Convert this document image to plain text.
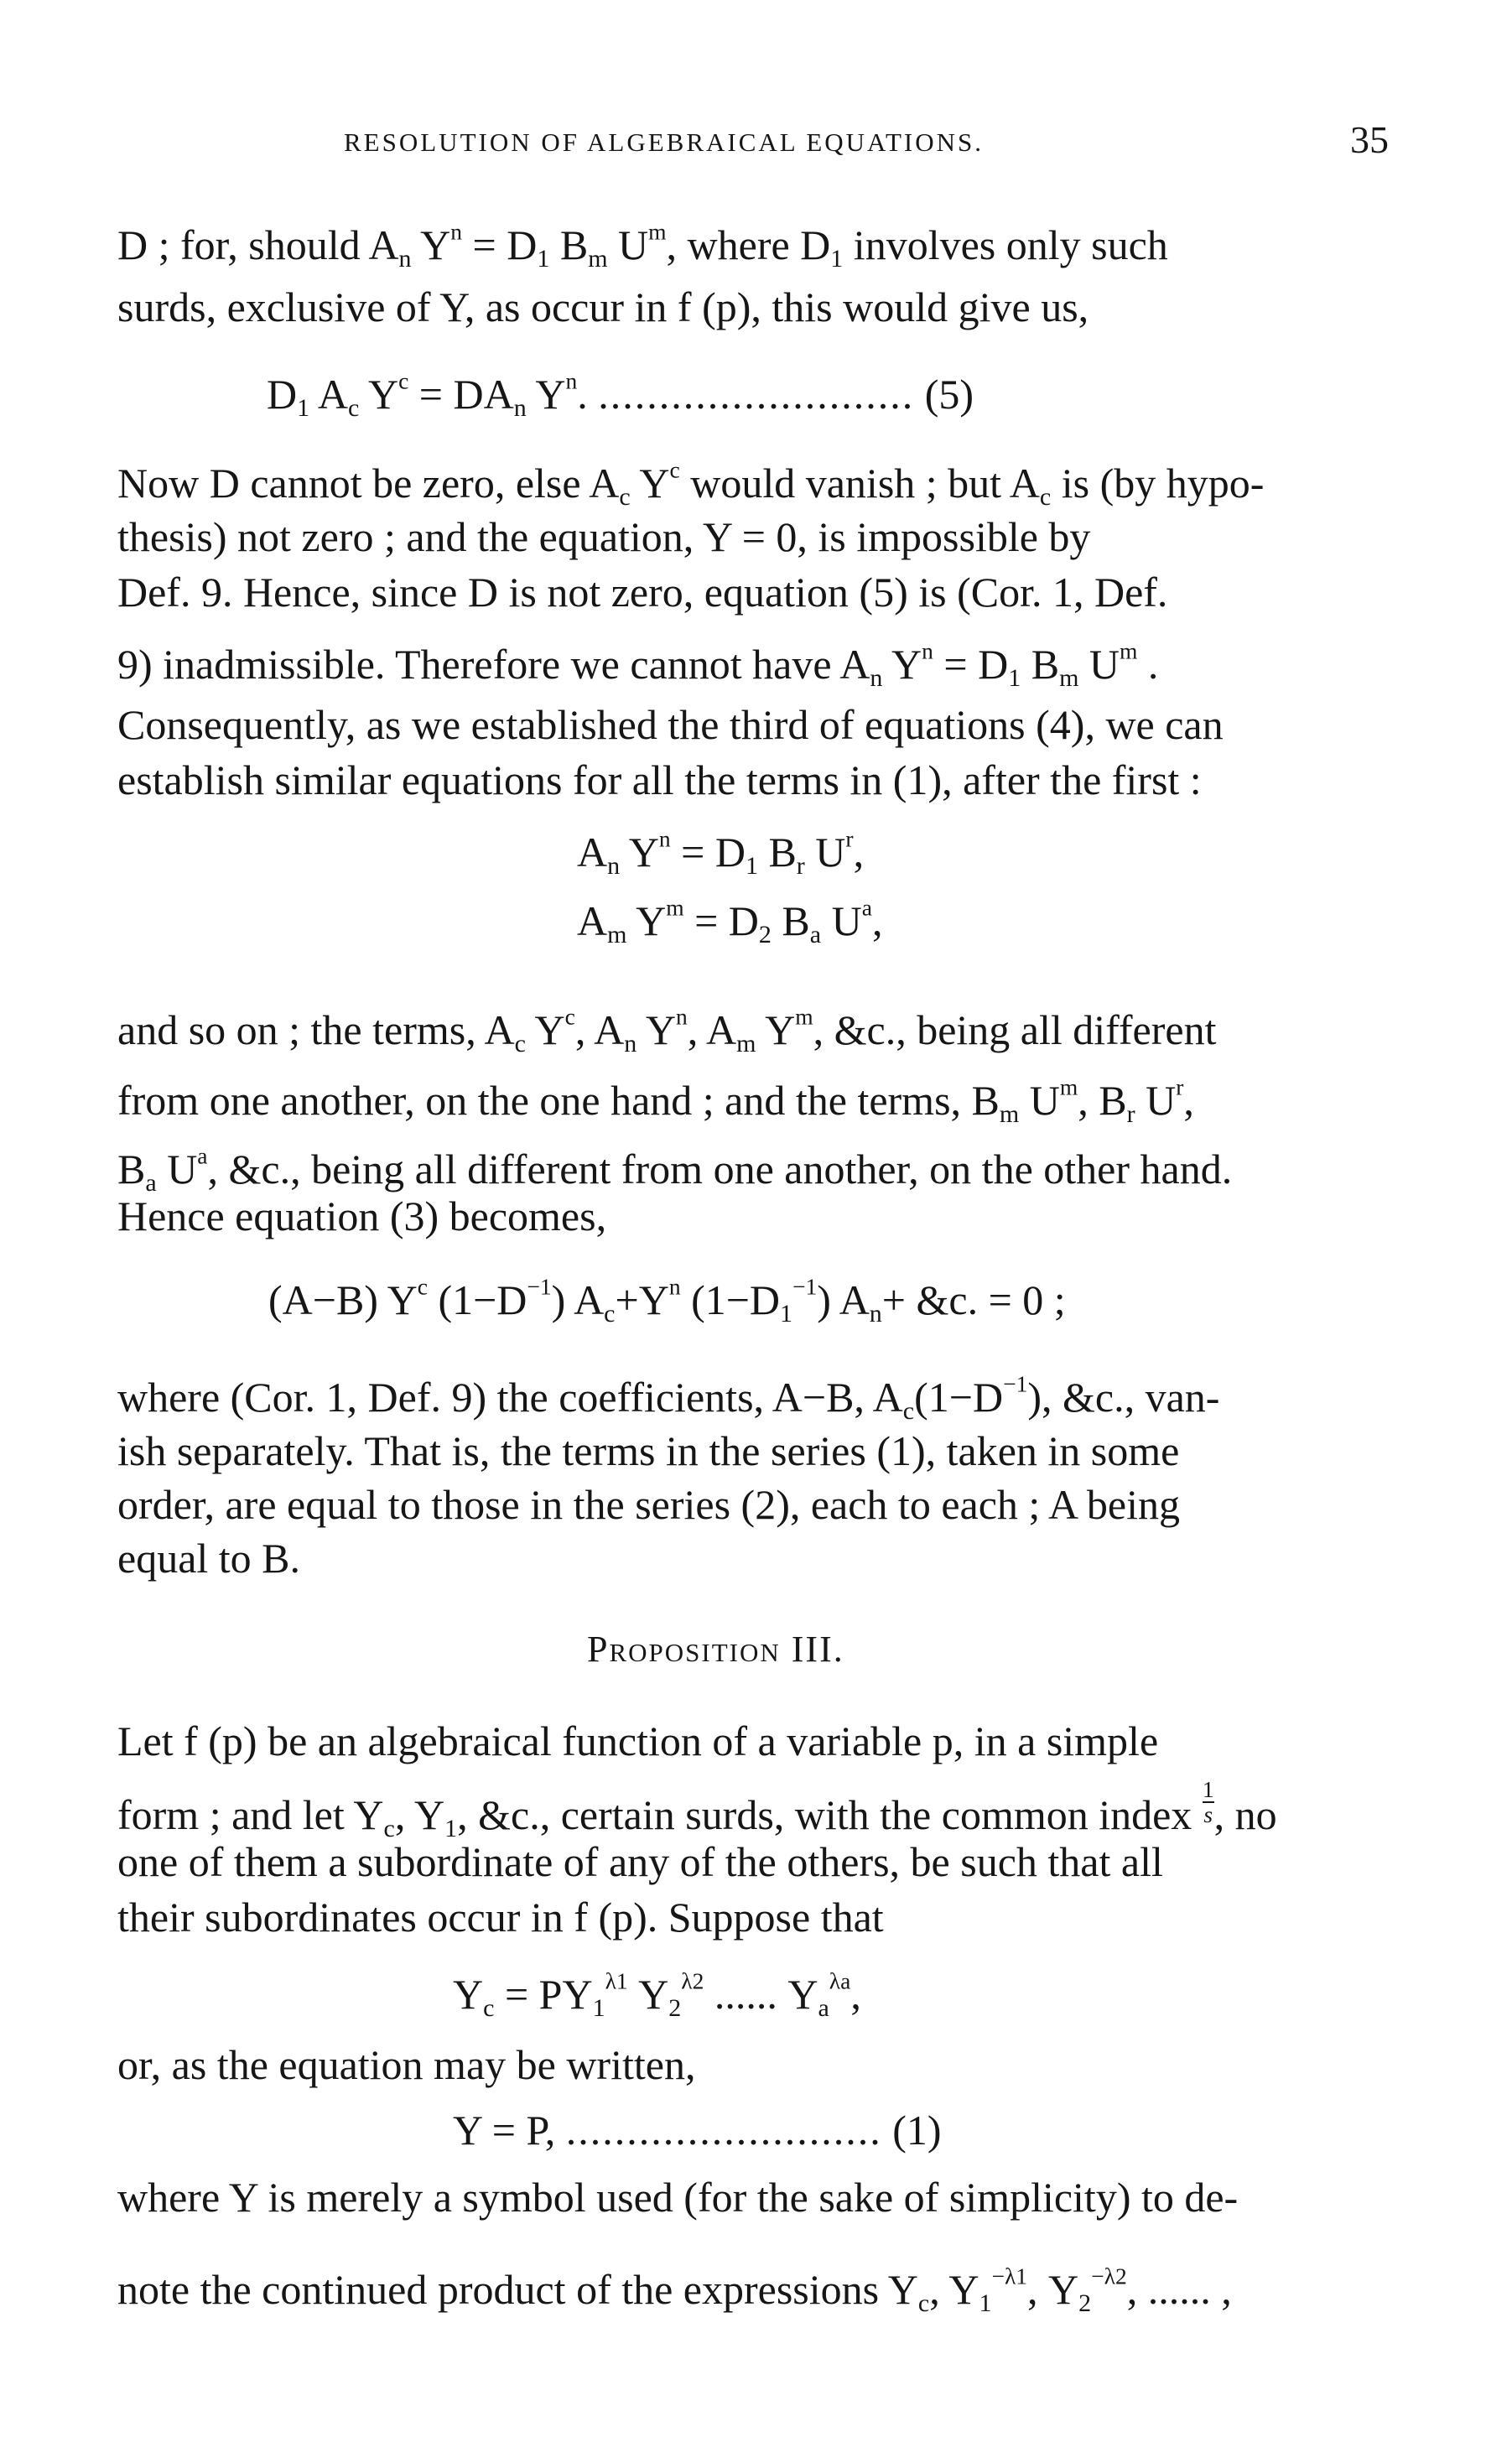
RESOLUTION OF ALGEBRAICAL EQUATIONS.	35
D ; for, should $A_n$ $Y^n = D_1$ $B_m$ $U^m$, where $D_1$ involves only such
surds, exclusive of Y, as occur in f (p), this would give us,
$D_1$ $A_c$ $Y^c = DA_n$ $Y^n$. .......................... (5)
Now D cannot be zero, else $A_c$ $Y^c$ would vanish ; but $A_c$ is (by hypo-
thesis) not zero ; and the equation, Y = 0, is impossible by
Def. 9. Hence, since D is not zero, equation (5) is (Cor. 1, Def.
9) inadmissible. Therefore we cannot have $A_n$ $Y^n = D_1$ $B_m$ $U^m$ .
Consequently, as we established the third of equations (4), we can
establish similar equations for all the terms in (1), after the first :
$A_n$ $Y^n = D_1$ $B_r$ $U^r$,
$A_m$ $Y^m = D_2$ $B_a$ $U^a$,
and so on ; the terms, $A_c$ $Y^c$, $A_n$ $Y^n$, $A_m$ $Y^m$, &c., being all different
from one another, on the one hand ; and the terms, $B_m$ $U^m$, $B_r$ $U^r$,
$B_a$ $U^a$, &c., being all different from one another, on the other hand.
Hence equation (3) becomes,
(A−B) $Y^c$ $(1-D^{-1})$ $A_c+Y^n$ $(1-D_1^{-1})$ $A_n+$ &c. = 0 ;
where (Cor. 1, Def. 9) the coefficients, A−B, $A_c(1-D^{-1})$, &c., van-
ish separately. That is, the terms in the series (1), taken in some
order, are equal to those in the series (2), each to each ; A being
equal to B.
Proposition III.
Let f (p) be an algebraical function of a variable p, in a simple
form ; and let $Y_c$, $Y_1$, &c., certain surds, with the common index $\frac{1}{s}$ , no
one of them a subordinate of any of the others, be such that all
their subordinates occur in f (p). Suppose that
$Y_c = PY_1^{\lambda 1}$ $Y_2^{\lambda 2}$ ...... $Y_a^{\lambda a}$,
or, as the equation may be written,
Y = P, .......................... (1)
where Y is merely a symbol used (for the sake of simplicity) to de-
note the continued product of the expressions $Y_c$, $Y_1^{-\lambda 1}$, $Y_2^{-\lambda 2}$, ...... ,
